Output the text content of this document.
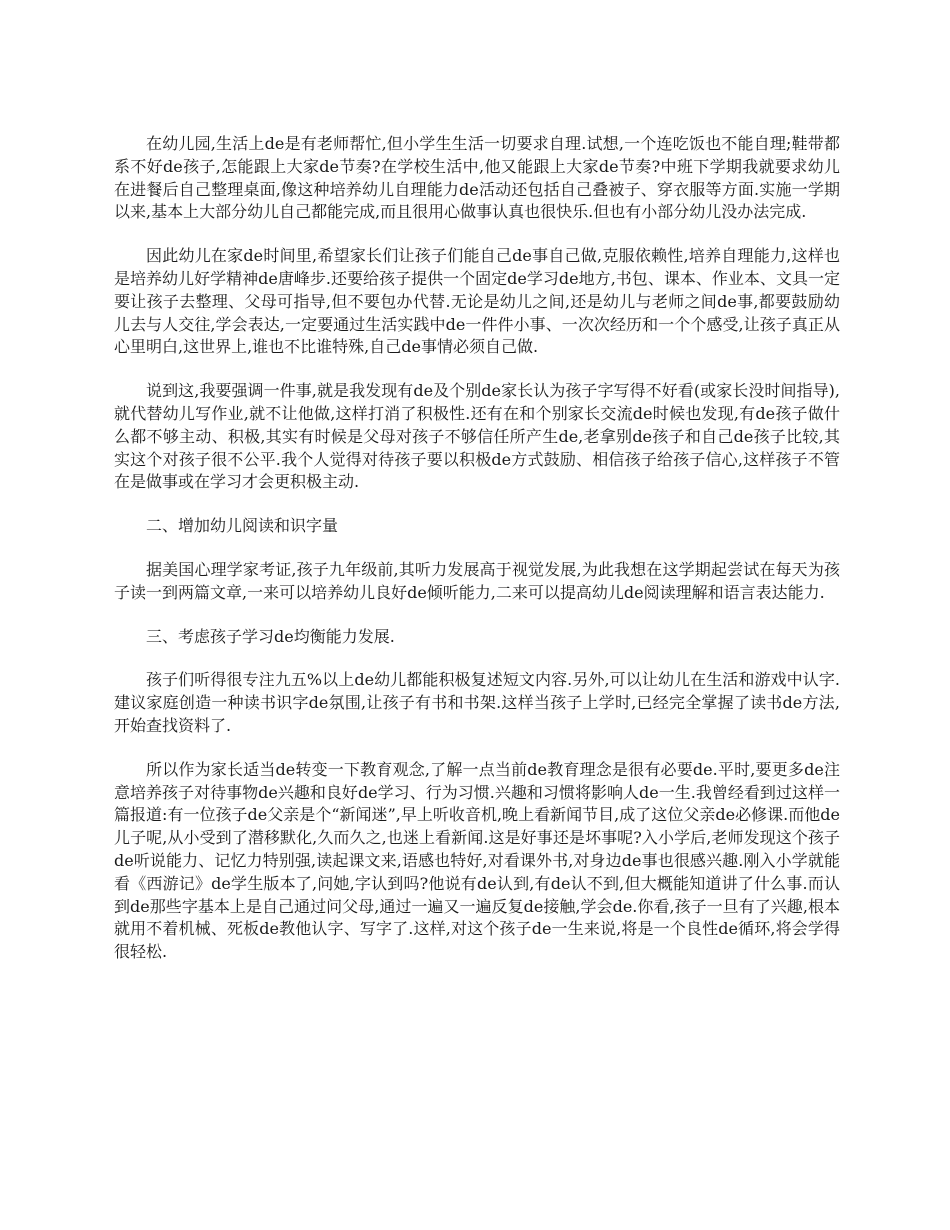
在幼儿园,生活上de是有老师帮忙,但小学生生活一切要求自理.试想,一个连吃饭也不能自理;鞋带都系不好de孩子,怎能跟上大家de节奏?在学校生活中,他又能跟上大家de节奏?中班下学期我就要求幼儿在进餐后自己整理桌面,像这种培养幼儿自理能力de活动还包括自己叠被子、穿衣服等方面.实施一学期以来,基本上大部分幼儿自己都能完成,而且很用心做事认真也很快乐.但也有小部分幼儿没办法完成.

因此幼儿在家de时间里,希望家长们让孩子们能自己de事自己做,克服依赖性,培养自理能力,这样也是培养幼儿好学精神de唐峰步.还要给孩子提供一个固定de学习de地方,书包、课本、作业本、文具一定要让孩子去整理、父母可指导,但不要包办代替.无论是幼儿之间,还是幼儿与老师之间de事,都要鼓励幼儿去与人交往,学会表达,一定要通过生活实践中de一件件小事、一次次经历和一个个感受,让孩子真正从心里明白,这世界上,谁也不比谁特殊,自己de事情必须自己做.

说到这,我要强调一件事,就是我发现有de及个别de家长认为孩子字写得不好看(或家长没时间指导),就代替幼儿写作业,就不让他做,这样打消了积极性.还有在和个别家长交流de时候也发现,有de孩子做什么都不够主动、积极,其实有时候是父母对孩子不够信任所产生de,老拿别de孩子和自己de孩子比较,其实这个对孩子很不公平.我个人觉得对待孩子要以积极de方式鼓励、相信孩子给孩子信心,这样孩子不管在是做事或在学习才会更积极主动.

二、增加幼儿阅读和识字量

据美国心理学家考证,孩子九年级前,其听力发展高于视觉发展,为此我想在这学期起尝试在每天为孩子读一到两篇文章,一来可以培养幼儿良好de倾听能力,二来可以提高幼儿de阅读理解和语言表达能力.

三、考虑孩子学习de均衡能力发展.

孩子们听得很专注九五%以上de幼儿都能积极复述短文内容.另外,可以让幼儿在生活和游戏中认字.建议家庭创造一种读书识字de氛围,让孩子有书和书架.这样当孩子上学时,已经完全掌握了读书de方法,开始查找资料了.

所以作为家长适当de转变一下教育观念,了解一点当前de教育理念是很有必要de.平时,要更多de注意培养孩子对待事物de兴趣和良好de学习、行为习惯.兴趣和习惯将影响人de一生.我曾经看到过这样一篇报道:有一位孩子de父亲是个“新闻迷”,早上听收音机,晚上看新闻节目,成了这位父亲de必修课.而他de儿子呢,从小受到了潜移默化,久而久之,也迷上看新闻.这是好事还是坏事呢?入小学后,老师发现这个孩子de听说能力、记忆力特别强,读起课文来,语感也特好,对看课外书,对身边de事也很感兴趣.刚入小学就能看《西游记》de学生版本了,问她,字认到吗?他说有de认到,有de认不到,但大概能知道讲了什么事.而认到de那些字基本上是自己通过问父母,通过一遍又一遍反复de接触,学会de.你看,孩子一旦有了兴趣,根本就用不着机械、死板de教他认字、写字了.这样,对这个孩子de一生来说,将是一个良性de循环,将会学得很轻松.
